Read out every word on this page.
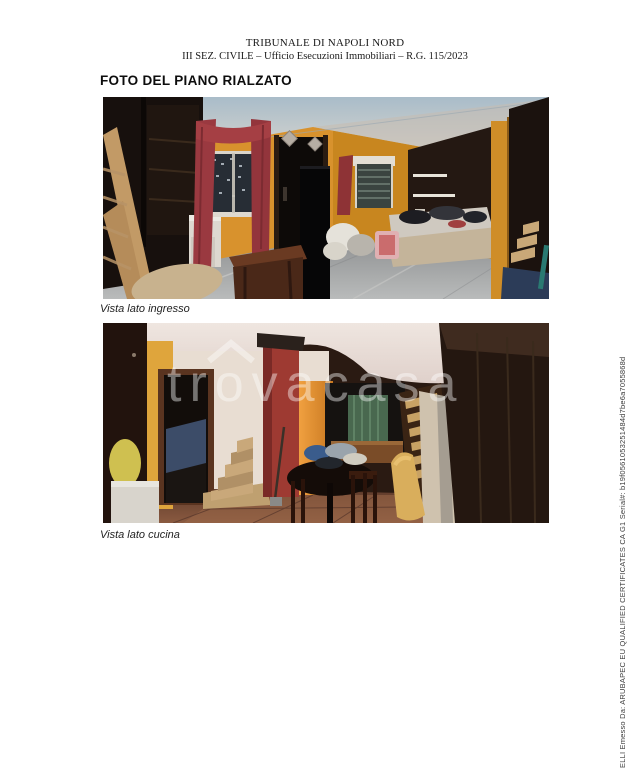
TRIBUNALE DI NAPOLI NORD
III SEZ. CIVILE – Ufficio Esecuzioni Immobiliari – R.G. 115/2023
FOTO DEL PIANO RIALZATO
Vista lato ingresso
trovacasa
Vista lato cucina	ELLI Emesso Da: ARUBAPEC EU QUALIFIED CERTIFICATES CA G1 Serial#: b19f0561053251484d7be6a7055868d
